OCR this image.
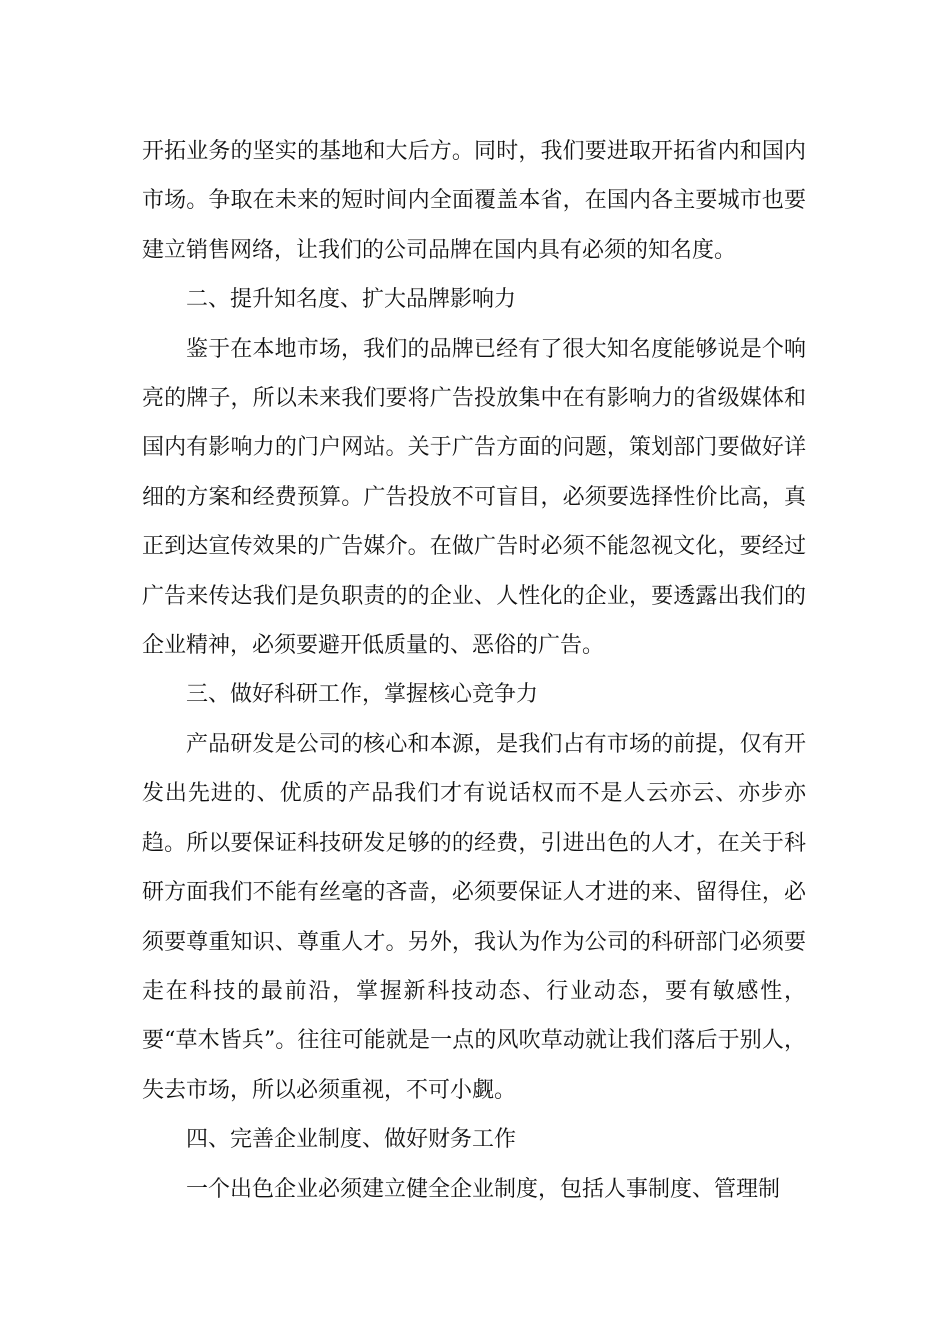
开拓业务的坚实的基地和大后方。同时，我们要进取开拓省内和国内市场。争取在未来的短时间内全面覆盖本省，在国内各主要城市也要建立销售网络，让我们的公司品牌在国内具有必须的知名度。

二、提升知名度、扩大品牌影响力

鉴于在本地市场，我们的品牌已经有了很大知名度能够说是个响亮的牌子，所以未来我们要将广告投放集中在有影响力的省级媒体和国内有影响力的门户网站。关于广告方面的问题，策划部门要做好详细的方案和经费预算。广告投放不可盲目，必须要选择性价比高，真正到达宣传效果的广告媒介。在做广告时必须不能忽视文化，要经过广告来传达我们是负职责的的企业、人性化的企业，要透露出我们的企业精神，必须要避开低质量的、恶俗的广告。

三、做好科研工作，掌握核心竞争力

产品研发是公司的核心和本源，是我们占有市场的前提，仅有开发出先进的、优质的产品我们才有说话权而不是人云亦云、亦步亦趋。所以要保证科技研发足够的的经费，引进出色的人才，在关于科研方面我们不能有丝毫的吝啬，必须要保证人才进的来、留得住，必须要尊重知识、尊重人才。另外，我认为作为公司的科研部门必须要走在科技的最前沿，掌握新科技动态、行业动态，要有敏感性，要“草木皆兵”。往往可能就是一点的风吹草动就让我们落后于别人，失去市场，所以必须重视，不可小觑。

四、完善企业制度、做好财务工作

一个出色企业必须建立健全企业制度，包括人事制度、管理制
